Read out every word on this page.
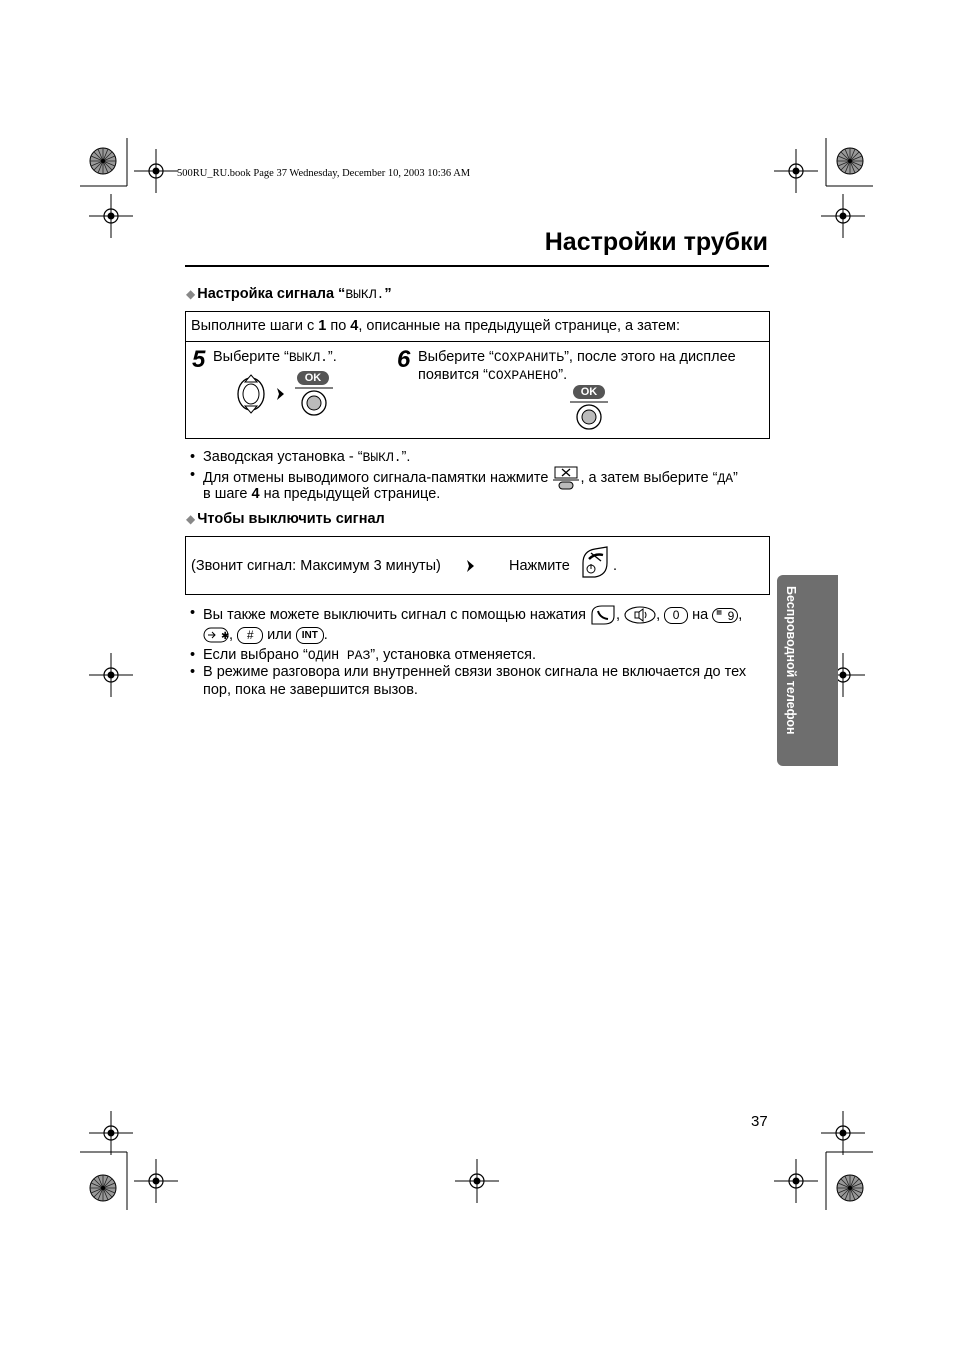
500RU_RU.book Page 37 Wednesday, December 10, 2003 10:36 AM
Настройки трубки
◆ Настройка сигнала “ВЫКЛ.”
Выполните шаги с 1 по 4, описанные на предыдущей странице, а затем:
5 Выберите “ВЫКЛ.”.
OK
6 Выберите “СОХРАНИТЬ”, после этого на дисплее
появится “СОХРАНЕНО”.
OK
• Заводская установка - “ВЫКЛ.”.
• Для отмены выводимого сигнала-памятки нажмите , а затем выберите “ДА”
в шаге 4 на предыдущей странице.
◆ Чтобы выключить сигнал
(Звонит сигнал: Максимум 3 минуты)	Нажмите	.
• Вы также можете выключить сигнал с помощью нажатия , , 0 на ▦ 9 ,
✱ , # или INT .
• Если выбрано “ОДИН РАЗ”, установка отменяется.
• В режиме разговора или внутренней связи звонок сигнала не включается до тех
пор, пока не завершится вызов.	Беспроводной телефон
37
